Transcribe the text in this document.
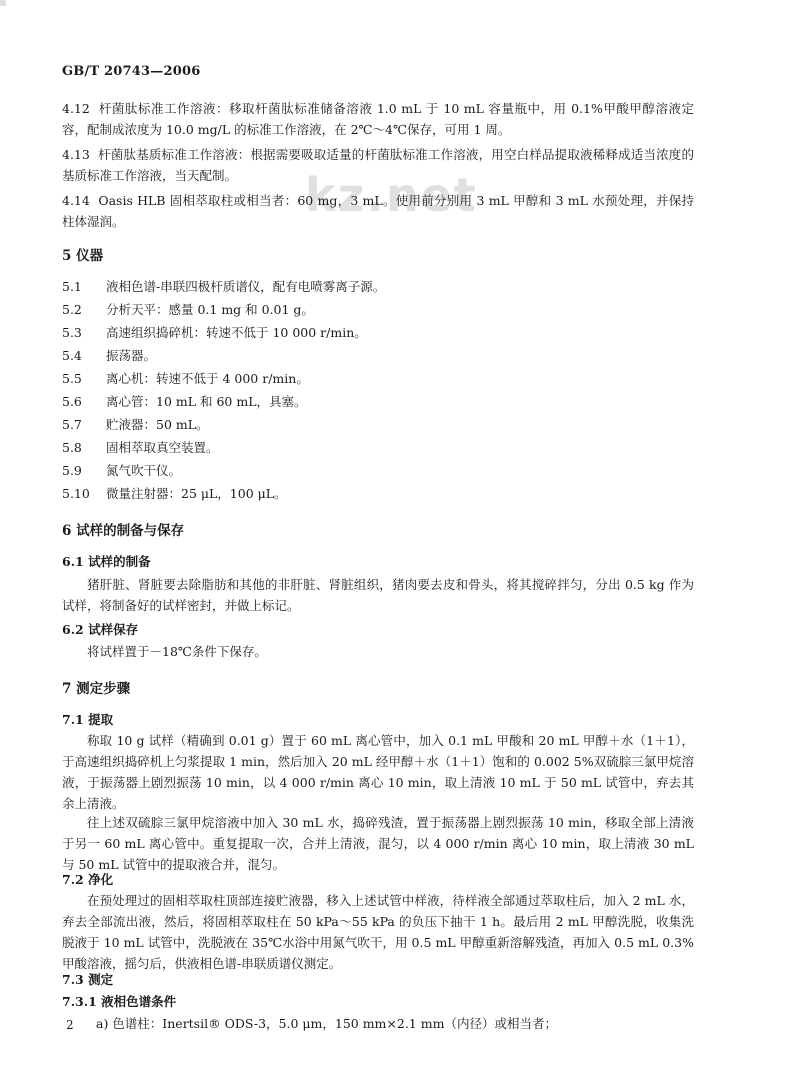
GB/T 20743—2006
kz.net
4.12 杆菌肽标准工作溶液：移取杆菌肽标准储备溶液 1.0 mL 于 10 mL 容量瓶中，用 0.1%甲酸甲醇溶液定容，配制成浓度为 10.0 mg/L 的标准工作溶液，在 2℃～4℃保存，可用 1 周。
4.13 杆菌肽基质标准工作溶液：根据需要吸取适量的杆菌肽标准工作溶液，用空白样品提取液稀释成适当浓度的基质标准工作溶液，当天配制。
4.14 Oasis HLB 固相萃取柱或相当者：60 mg，3 mL。使用前分别用 3 mL 甲醇和 3 mL 水预处理，并保持柱体湿润。
5 仪器
5.1 液相色谱-串联四极杆质谱仪，配有电喷雾离子源。
5.2 分析天平：感量 0.1 mg 和 0.01 g。
5.3 高速组织捣碎机：转速不低于 10 000 r/min。
5.4 振荡器。
5.5 离心机：转速不低于 4 000 r/min。
5.6 离心管：10 mL 和 60 mL，具塞。
5.7 贮液器：50 mL。
5.8 固相萃取真空装置。
5.9 氮气吹干仪。
5.10 微量注射器：25 μL，100 μL。
6 试样的制备与保存
6.1 试样的制备
猪肝脏、肾脏要去除脂肪和其他的非肝脏、肾脏组织，猪肉要去皮和骨头，将其搅碎拌匀，分出 0.5 kg 作为试样，将制备好的试样密封，并做上标记。
6.2 试样保存
将试样置于－18℃条件下保存。
7 测定步骤
7.1 提取
称取 10 g 试样（精确到 0.01 g）置于 60 mL 离心管中，加入 0.1 mL 甲酸和 20 mL 甲醇＋水（1＋1），于高速组织捣碎机上匀浆提取 1 min，然后加入 20 mL 经甲醇＋水（1＋1）饱和的 0.002 5%双硫腙三氯甲烷溶液，于振荡器上剧烈振荡 10 min，以 4 000 r/min 离心 10 min，取上清液 10 mL 于 50 mL 试管中，弃去其余上清液。
往上述双硫腙三氯甲烷溶液中加入 30 mL 水，捣碎残渣，置于振荡器上剧烈振荡 10 min，移取全部上清液于另一 60 mL 离心管中。重复提取一次，合并上清液，混匀，以 4 000 r/min 离心 10 min，取上清液 30 mL 与 50 mL 试管中的提取液合并，混匀。
7.2 净化
在预处理过的固相萃取柱顶部连接贮液器，移入上述试管中样液，待样液全部通过萃取柱后，加入 2 mL 水，弃去全部流出液，然后，将固相萃取柱在 50 kPa～55 kPa 的负压下抽干 1 h。最后用 2 mL 甲醇洗脱，收集洗脱液于 10 mL 试管中，洗脱液在 35℃水浴中用氮气吹干，用 0.5 mL 甲醇重新溶解残渣，再加入 0.5 mL 0.3%甲酸溶液，摇匀后，供液相色谱-串联质谱仪测定。
7.3 测定
7.3.1 液相色谱条件
a) 色谱柱：Inertsil® ODS-3，5.0 μm，150 mm×2.1 mm（内径）或相当者；
2
